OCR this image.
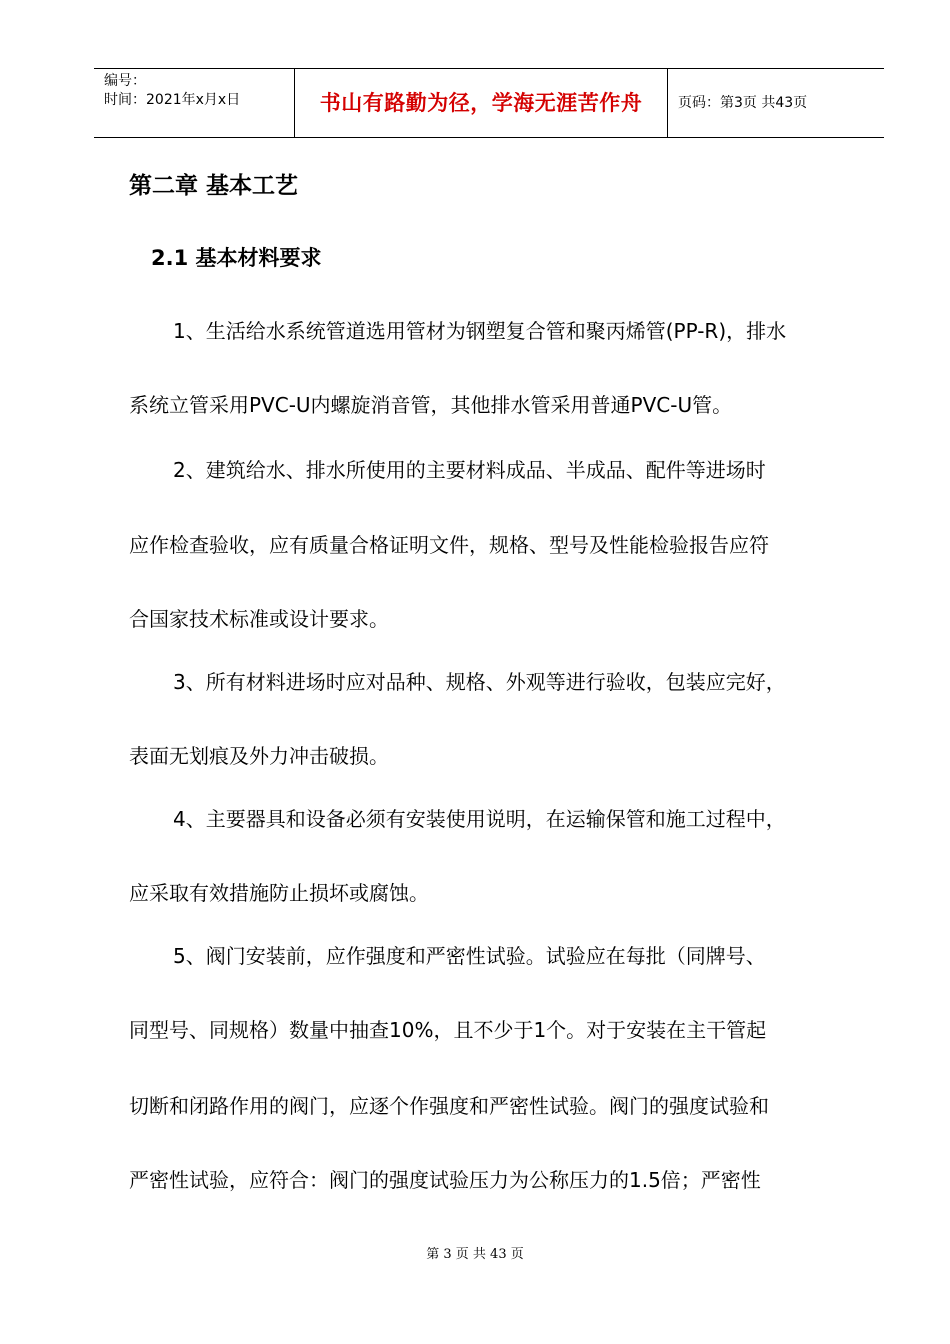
编号：
时间：2021年x月x日	书山有路勤为径，学海无涯苦作舟	页码：第3页 共43页
第二章 基本工艺
2.1 基本材料要求
1、生活给水系统管道选用管材为钢塑复合管和聚丙烯管(PP-R)，排水
系统立管采用PVC-U内螺旋消音管，其他排水管采用普通PVC-U管。
2、建筑给水、排水所使用的主要材料成品、半成品、配件等进场时
应作检查验收，应有质量合格证明文件，规格、型号及性能检验报告应符
合国家技术标准或设计要求。
3、所有材料进场时应对品种、规格、外观等进行验收，包装应完好，
表面无划痕及外力冲击破损。
4、主要器具和设备必须有安装使用说明，在运输保管和施工过程中，
应采取有效措施防止损坏或腐蚀。
5、阀门安装前，应作强度和严密性试验。试验应在每批（同牌号、
同型号、同规格）数量中抽查10%，且不少于1个。对于安装在主干管起
切断和闭路作用的阀门，应逐个作强度和严密性试验。阀门的强度试验和
严密性试验，应符合：阀门的强度试验压力为公称压力的1.5倍；严密性
第 3 页 共 43 页
